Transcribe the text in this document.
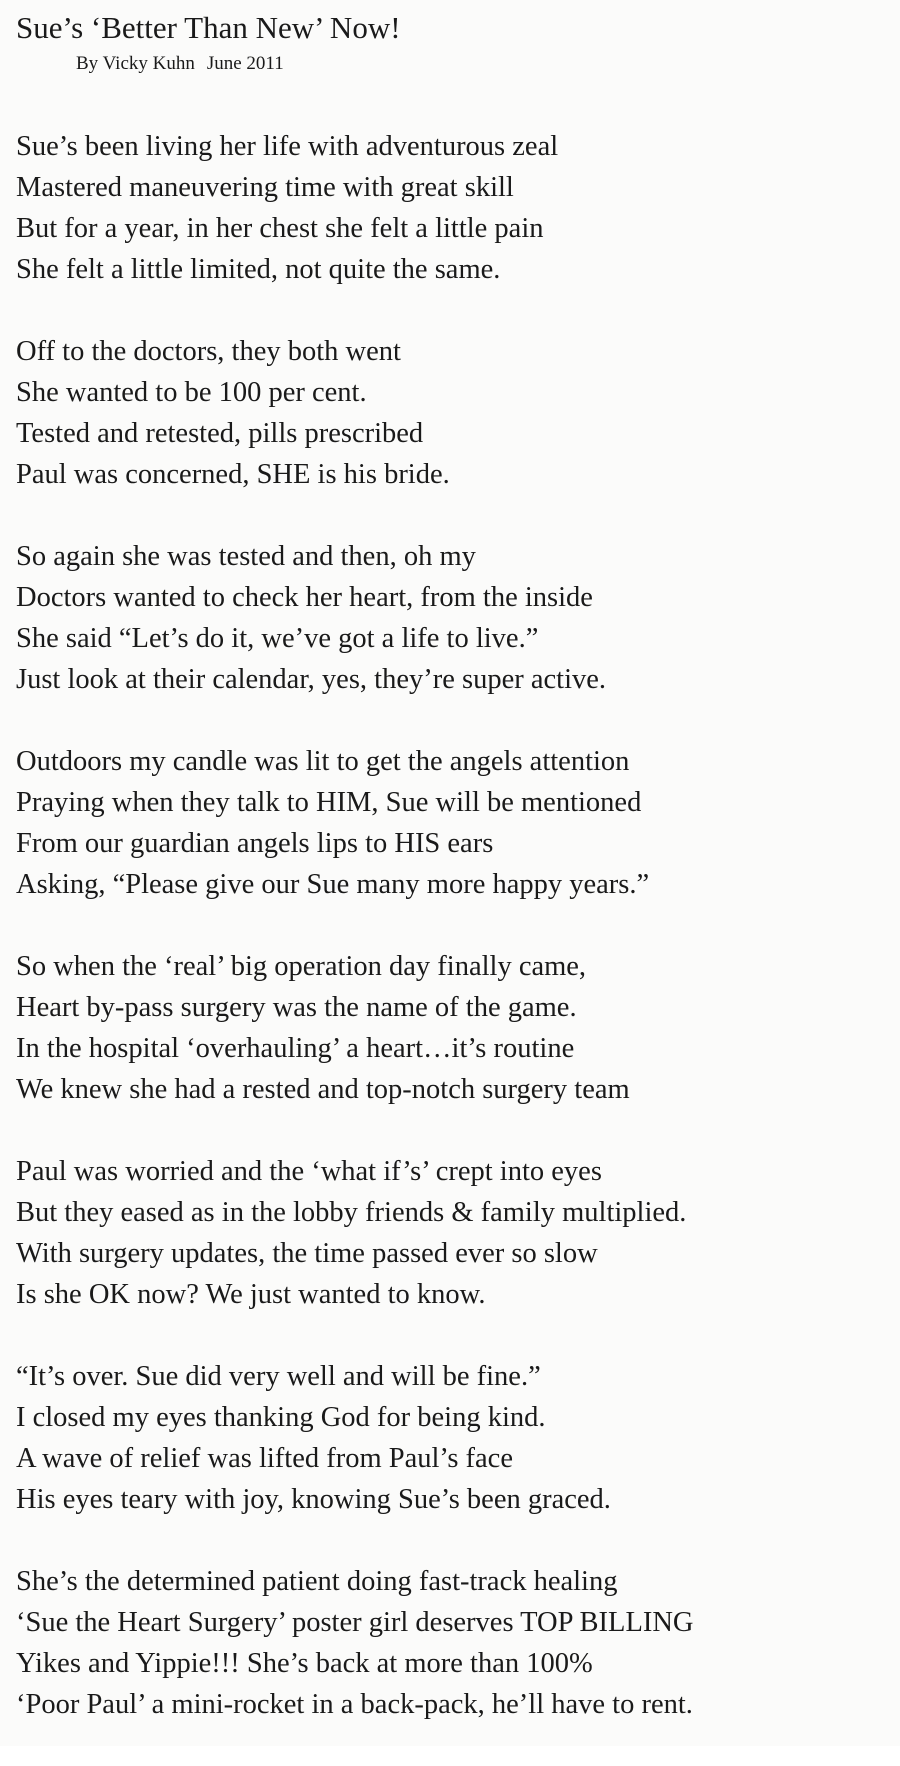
Sue’s ‘Better Than New’ Now!
By Vicky Kuhn June 2011
Sue’s been living her life with adventurous zeal
Mastered maneuvering time with great skill
But for a year, in her chest she felt a little pain
She felt a little limited, not quite the same.
Off to the doctors, they both went
She wanted to be 100 per cent.
Tested and retested, pills prescribed
Paul was concerned, SHE is his bride.
So again she was tested and then, oh my
Doctors wanted to check her heart, from the inside
She said “Let’s do it, we’ve got a life to live.”
Just look at their calendar, yes, they’re super active.
Outdoors my candle was lit to get the angels attention
Praying when they talk to HIM, Sue will be mentioned
From our guardian angels lips to HIS ears
Asking, “Please give our Sue many more happy years.”
So when the ‘real’ big operation day finally came,
Heart by-pass surgery was the name of the game.
In the hospital ‘overhauling’ a heart…it’s routine
We knew she had a rested and top-notch surgery team
Paul was worried and the ‘what if’s’ crept into eyes
But they eased as in the lobby friends & family multiplied.
With surgery updates, the time passed ever so slow
Is she OK now? We just wanted to know.
“It’s over. Sue did very well and will be fine.”
I closed my eyes thanking God for being kind.
A wave of relief was lifted from Paul’s face
His eyes teary with joy, knowing Sue’s been graced.
She’s the determined patient doing fast-track healing
‘Sue the Heart Surgery’ poster girl deserves TOP BILLING
Yikes and Yippie!!! She’s back at more than 100%
‘Poor Paul’ a mini-rocket in a back-pack, he’ll have to rent.
